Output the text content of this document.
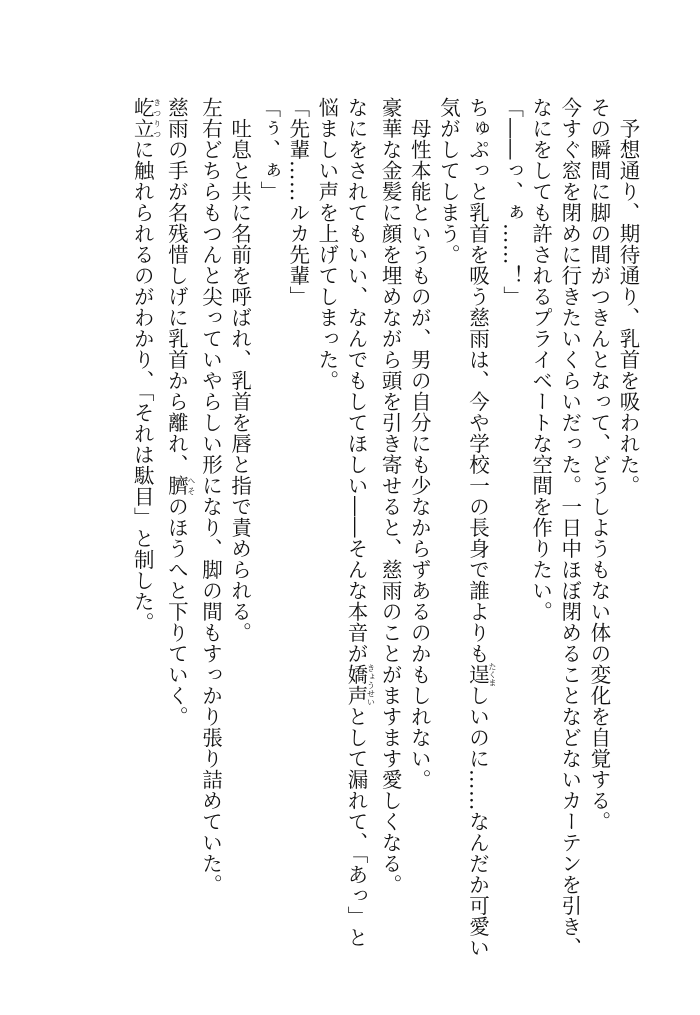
予想通り、期待通り、乳首を吸われた。
その瞬間に脚の間がつきんとなって、どうしようもない体の変化を自覚する。
今すぐ窓を閉めに行きたいくらいだった。一日中ほぼ閉めることなどないカーテンを引き、
なにをしても許されるプライベートな空間を作りたい。
「――っ、ぁ……！」
ちゅぷっと乳首を吸う慈雨は、今や学校一の長身で誰よりも逞たくましいのに……なんだか可愛い
気がしてしまう。
母性本能というものが、男の自分にも少なからずあるのかもしれない。
豪華な金髪に顔を埋めながら頭を引き寄せると、慈雨のことがますます愛しくなる。
なにをされてもいい、なんでもしてほしい――そんな本音が嬌声きょうせいとして漏れて、「あっ」と
悩ましい声を上げてしまった。
「先輩……ルカ先輩」
「ぅ、ぁ」
吐息と共に名前を呼ばれ、乳首を唇と指で責められる。
左右どちらもつんと尖っていやらしい形になり、脚の間もすっかり張り詰めていた。
慈雨の手が名残惜しげに乳首から離れ、臍へそのほうへと下りていく。
屹立きつりつに触れられるのがわかり、「それは駄目」と制した。
